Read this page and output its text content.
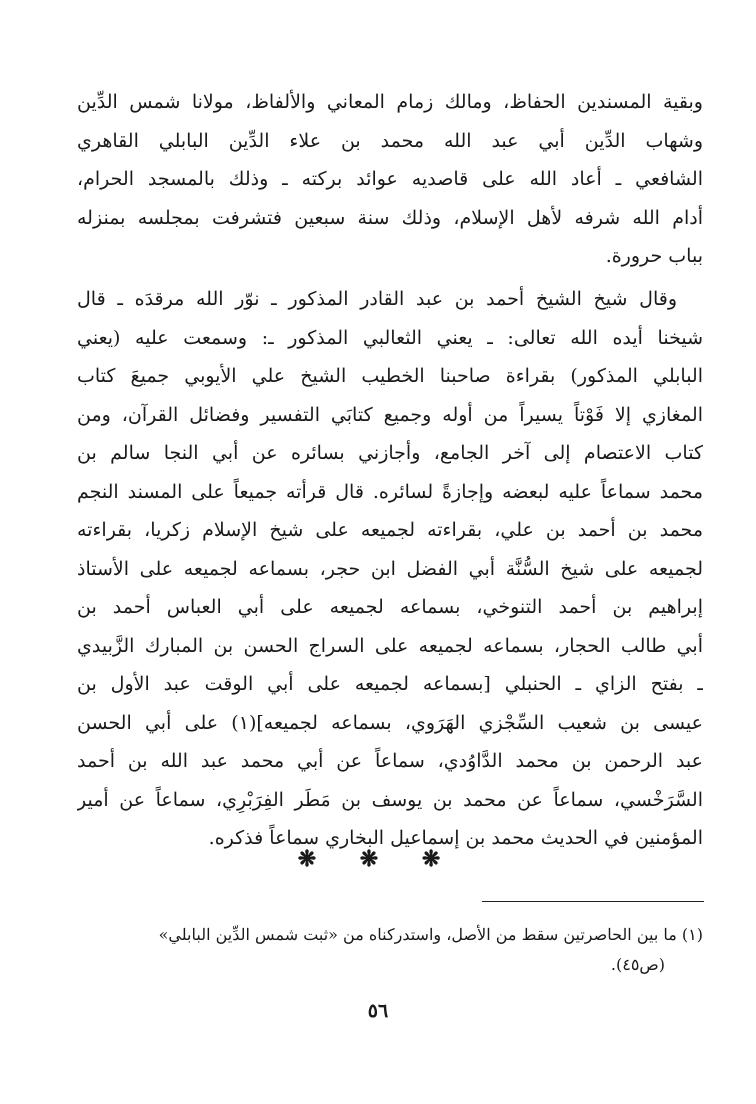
وبقية المسندين الحفاظ، ومالك زمام المعاني والألفاظ، مولانا شمس الدِّين
وشهاب الدِّين أبي عبد الله محمد بن علاء الدِّين البابلي القاهري
الشافعي ـ أعاد الله على قاصديه عوائد بركته ـ وذلك بالمسجد الحرام،
أدام الله شرفه لأهل الإسلام، وذلك سنة سبعين فتشرفت بمجلسه بمنزله
بباب حرورة.
وقال شيخ الشيخ أحمد بن عبد القادر المذكور ـ نوّر الله مرقدَه ـ قال
شيخنا أيده الله تعالى: ـ يعني الثعالبي المذكور ـ: وسمعت عليه (يعني
البابلي المذكور) بقراءة صاحبنا الخطيب الشيخ علي الأيوبي جميعَ كتاب
المغازي إلا فَوْتاً يسيراً من أوله وجميع كتابَي التفسير وفضائل القرآن، ومن
كتاب الاعتصام إلى آخر الجامع، وأجازني بسائره عن أبي النجا سالم بن
محمد سماعاً عليه لبعضه وإجازةً لسائره. قال قرأته جميعاً على المسند النجم
محمد بن أحمد بن علي، بقراءته لجميعه على شيخ الإسلام زكريا، بقراءته
لجميعه على شيخ السُّنَّة أبي الفضل ابن حجر، بسماعه لجميعه على الأستاذ
إبراهيم بن أحمد التنوخي، بسماعه لجميعه على أبي العباس أحمد بن
أبي طالب الحجار، بسماعه لجميعه على السراج الحسن بن المبارك الزَّبيدي
ـ بفتح الزاي ـ الحنبلي [بسماعه لجميعه على أبي الوقت عبد الأول بن
عيسى بن شعيب السِّجْزي الهَرَوي، بسماعه لجميعه](١) على أبي الحسن
عبد الرحمن بن محمد الدَّاوُدي، سماعاً عن أبي محمد عبد الله بن أحمد
السَّرَخْسي، سماعاً عن محمد بن يوسف بن مَطَر الفِرَبْرِي، سماعاً عن أمير
المؤمنين في الحديث محمد بن إسماعيل البخاري سماعاً فذكره.
❋ ❋ ❋
(١) ما بين الحاصرتين سقط من الأصل، واستدركناه من «ثبت شمس الدِّين البابلي»
(ص٤٥).
٥٦
